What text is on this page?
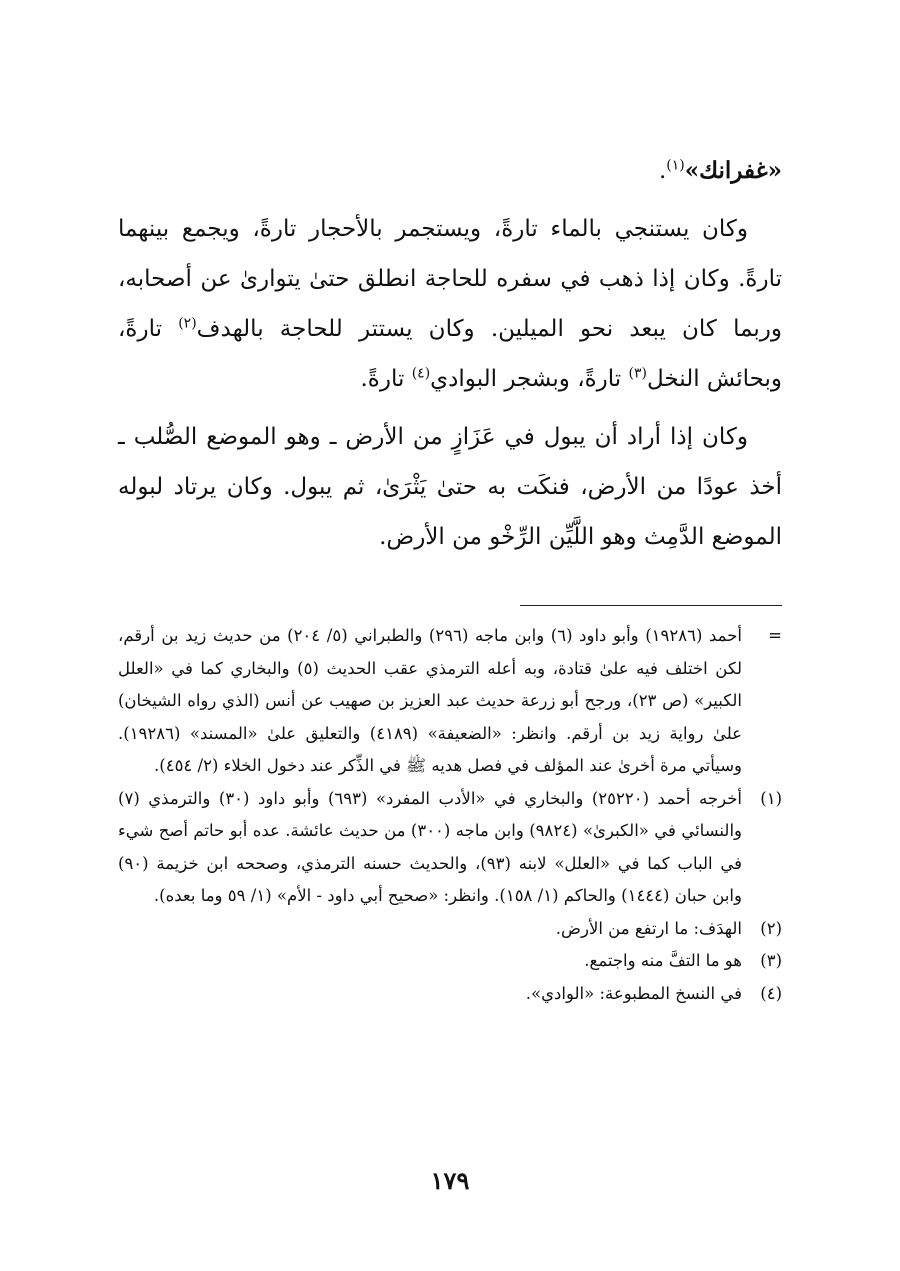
«غفرانك»$^{(١)}$.

وكان يستنجي بالماء تارةً، ويستجمر بالأحجار تارةً، ويجمع بينهما تارةً. وكان إذا ذهب في سفره للحاجة انطلق حتىٰ يتوارىٰ عن أصحابه، وربما كان يبعد نحو الميلين. وكان يستتر للحاجة بالهدف$^{(٢)}$ تارةً، وبحائش النخل$^{(٣)}$ تارةً، وبشجر البوادي$^{(٤)}$ تارةً.

وكان إذا أراد أن يبول في عَزَازٍ من الأرض ـ وهو الموضع الصُّلب ـ أخذ عودًا من الأرض، فنكَت به حتىٰ يَثْرَىٰ، ثم يبول. وكان يرتاد لبوله الموضع الدَّمِث وهو اللَّيِّن الرِّخْو من الأرض.

=
أحمد (١٩٢٨٦) وأبو داود (٦) وابن ماجه (٢٩٦) والطبراني (٥/ ٢٠٤) من حديث زيد بن أرقم، لكن اختلف فيه علىٰ قتادة، وبه أعله الترمذي عقب الحديث (٥) والبخاري كما في «العلل الكبير» (ص ٢٣)، ورجح أبو زرعة حديث عبد العزيز بن صهيب عن أنس (الذي رواه الشيخان) علىٰ رواية زيد بن أرقم. وانظر: «الضعيفة» (٤١٨٩) والتعليق علىٰ «المسند» (١٩٢٨٦). وسيأتي مرة أخرىٰ عند المؤلف في فصل هديه ﷺ في الذِّكر عند دخول الخلاء (٢/ ٤٥٤).
(١)
أخرجه أحمد (٢٥٢٢٠) والبخاري في «الأدب المفرد» (٦٩٣) وأبو داود (٣٠) والترمذي (٧) والنسائي في «الكبرىٰ» (٩٨٢٤) وابن ماجه (٣٠٠) من حديث عائشة. عده أبو حاتم أصح شيء في الباب كما في «العلل» لابنه (٩٣)، والحديث حسنه الترمذي، وصححه ابن خزيمة (٩٠) وابن حبان (١٤٤٤) والحاكم (١/ ١٥٨). وانظر: «صحيح أبي داود - الأم» (١/ ٥٩ وما بعده).
(٢)
الهدَف: ما ارتفع من الأرض.
(٣)
هو ما التفَّ منه واجتمع.
(٤)
في النسخ المطبوعة: «الوادي».
١٧٩
